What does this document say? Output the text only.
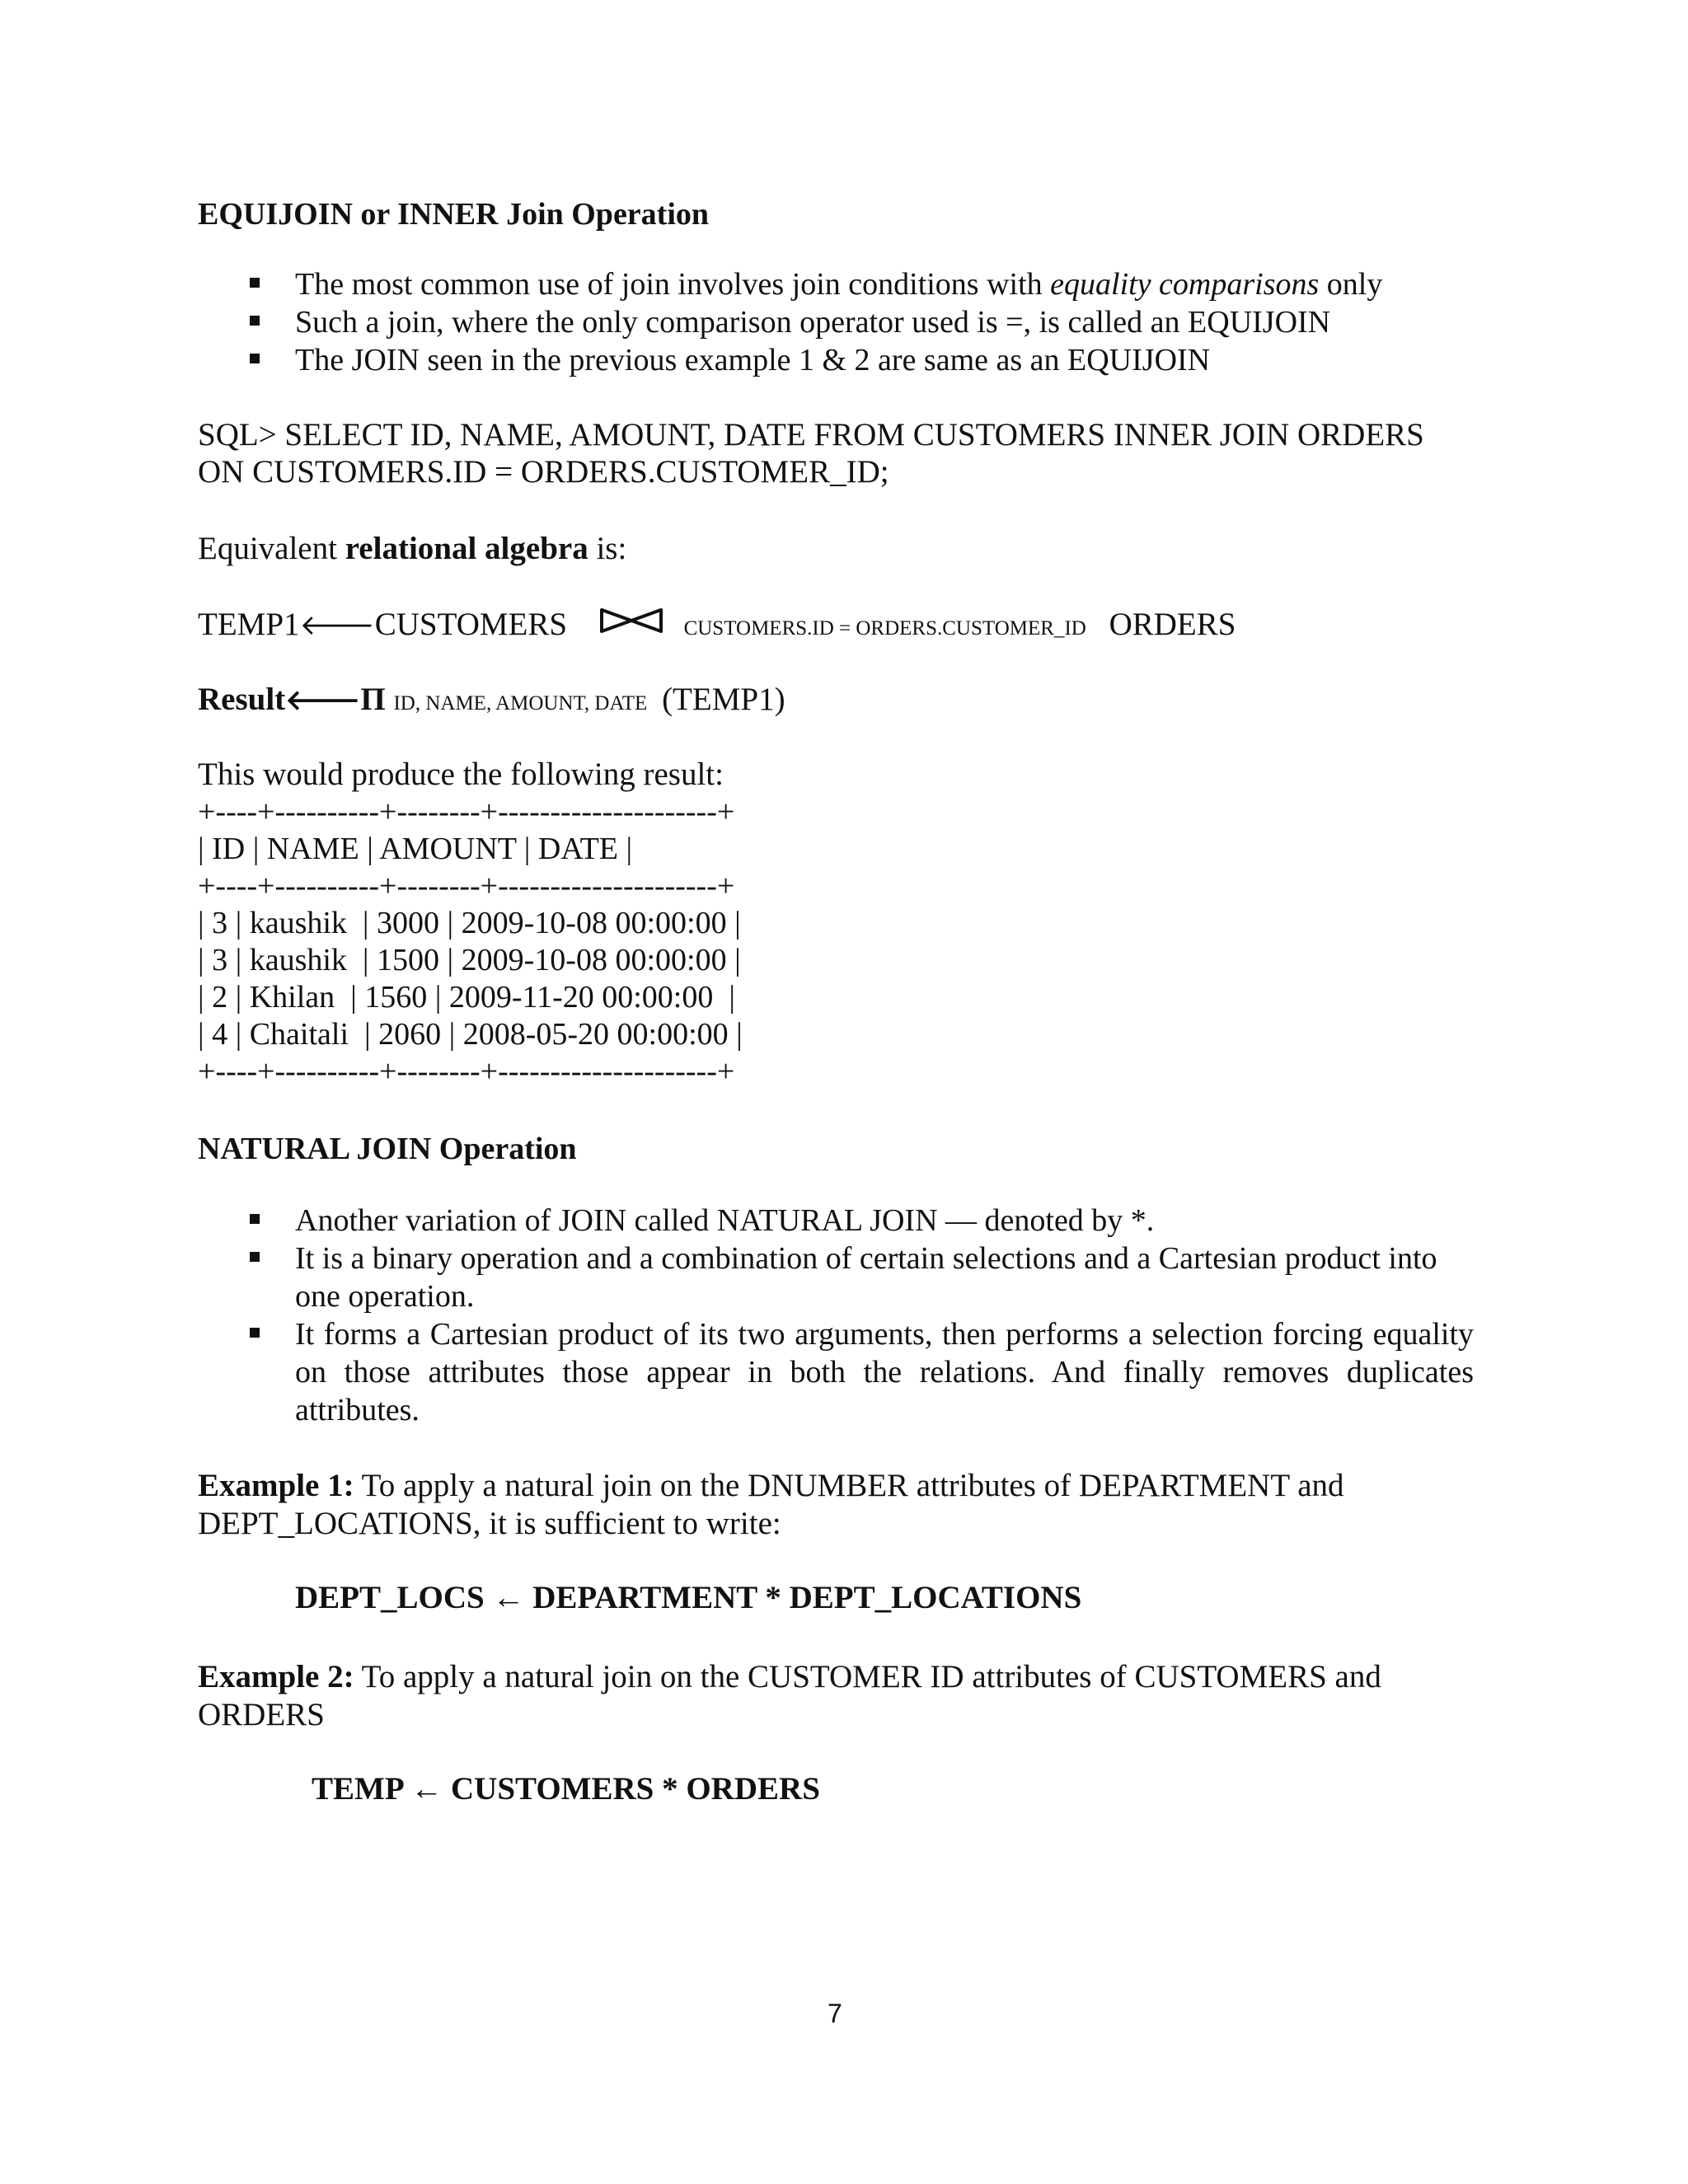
EQUIJOIN or INNER Join Operation
The most common use of join involves join conditions with equality comparisons only
Such a join, where the only comparison operator used is =, is called an EQUIJOIN
The JOIN seen in the previous example 1 & 2 are same as an EQUIJOIN
SQL> SELECT ID, NAME, AMOUNT, DATE FROM CUSTOMERS INNER JOIN ORDERS
ON CUSTOMERS.ID = ORDERS.CUSTOMER_ID;
Equivalent relational algebra is:
TEMP1🡐CUSTOMERS	CUSTOMERS.ID = ORDERS.CUSTOMER_ID ORDERS
Result🡐Π ID, NAME, AMOUNT, DATE (TEMP1)
This would produce the following result:
+----+----------+--------+---------------------+
| ID | NAME | AMOUNT | DATE |
+----+----------+--------+---------------------+
| 3 | kaushik  | 3000 | 2009-10-08 00:00:00 |
| 3 | kaushik  | 1500 | 2009-10-08 00:00:00 |
| 2 | Khilan  | 1560 | 2009-11-20 00:00:00  |
| 4 | Chaitali  | 2060 | 2008-05-20 00:00:00 |
+----+----------+--------+---------------------+
NATURAL JOIN Operation
Another variation of JOIN called NATURAL JOIN — denoted by *.
It is a binary operation and a combination of certain selections and a Cartesian product into one operation.
It forms a Cartesian product of its two arguments, then performs a selection forcing equality on those attributes those appear in both the relations. And finally removes duplicates attributes.
Example 1: To apply a natural join on the DNUMBER attributes of DEPARTMENT and DEPT_LOCATIONS, it is sufficient to write:
DEPT_LOCS ← DEPARTMENT * DEPT_LOCATIONS
Example 2: To apply a natural join on the CUSTOMER ID attributes of CUSTOMERS and ORDERS
TEMP ← CUSTOMERS * ORDERS
7
